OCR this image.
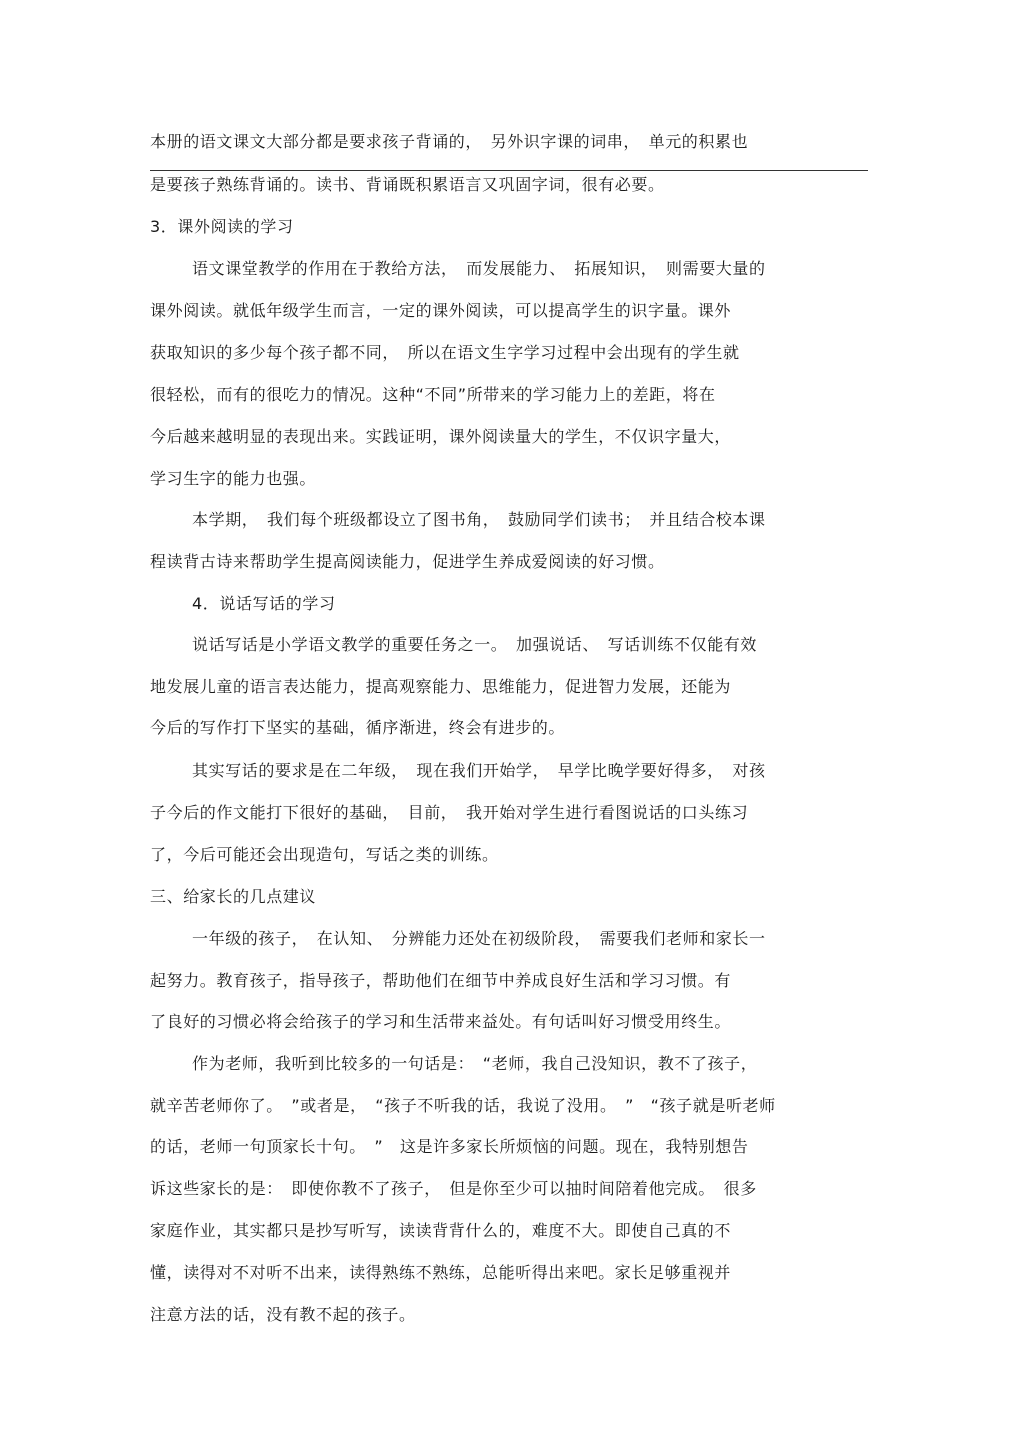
本册的语文课文大部分都是要求孩子背诵的，　另外识字课的词串，　单元的积累也
是要孩子熟练背诵的。读书、背诵既积累语言又巩固字词，很有必要。
3．课外阅读的学习
语文课堂教学的作用在于教给方法，　而发展能力、　拓展知识，　则需要大量的
课外阅读。就低年级学生而言，一定的课外阅读，可以提高学生的识字量。课外
获取知识的多少每个孩子都不同，　所以在语文生字学习过程中会出现有的学生就
很轻松，而有的很吃力的情况。这种“不同”所带来的学习能力上的差距，将在
今后越来越明显的表现出来。实践证明，课外阅读量大的学生，不仅识字量大，
学习生字的能力也强。
本学期，　我们每个班级都设立了图书角，　鼓励同学们读书；　并且结合校本课
程读背古诗来帮助学生提高阅读能力，促进学生养成爱阅读的好习惯。
4．说话写话的学习
说话写话是小学语文教学的重要任务之一。　加强说话、　写话训练不仅能有效
地发展儿童的语言表达能力，提高观察能力、思维能力，促进智力发展，还能为
今后的写作打下坚实的基础，循序渐进，终会有进步的。
其实写话的要求是在二年级，　现在我们开始学，　早学比晚学要好得多，　对孩
子今后的作文能打下很好的基础，　目前，　我开始对学生进行看图说话的口头练习
了，今后可能还会出现造句，写话之类的训练。
三、给家长的几点建议
一年级的孩子，　在认知、　分辨能力还处在初级阶段，　需要我们老师和家长一
起努力。教育孩子，指导孩子，帮助他们在细节中养成良好生活和学习习惯。有
了良好的习惯必将会给孩子的学习和生活带来益处。有句话叫好习惯受用终生。
作为老师，我听到比较多的一句话是：　“老师，我自己没知识，教不了孩子，
就辛苦老师你了。　”或者是，　“孩子不听我的话，我说了没用。　”　“孩子就是听老师
的话，老师一句顶家长十句。　”　这是许多家长所烦恼的问题。现在，我特别想告
诉这些家长的是：　即使你教不了孩子，　但是你至少可以抽时间陪着他完成。　很多
家庭作业，其实都只是抄写听写，读读背背什么的，难度不大。即使自己真的不
懂，读得对不对听不出来，读得熟练不熟练，总能听得出来吧。家长足够重视并
注意方法的话，没有教不起的孩子。
